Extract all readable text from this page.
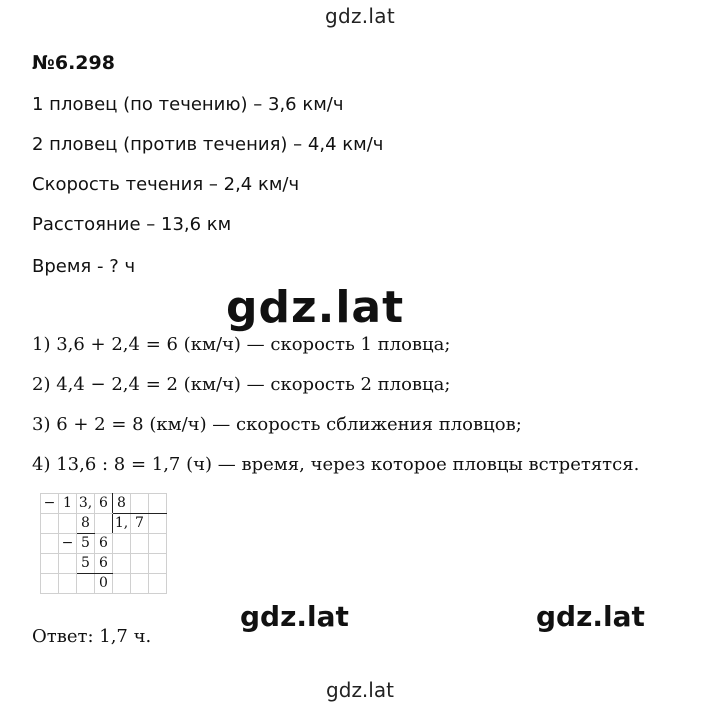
gdz.lat
№6.298
1 пловец (по течению) – 3,6 км/ч
2 пловец (против течения) – 4,4 км/ч
Скорость течения – 2,4 км/ч
Расстояние – 13,6 км
Время - ? ч
gdz.lat
1) 3,6 + 2,4 = 6 (км/ч) — скорость 1 пловца;
2) 4,4 − 2,4 = 2 (км/ч) — скорость 2 пловца;
3) 6 + 2 = 8 (км/ч) — скорость сближения пловцов;
4) 13,6 : 8 = 1,7 (ч) — время, через которое пловцы встретятся.
−	1	3,	6	8		
		8		1,	7	
	−	5	6			
		5	6			
			0			
gdz.lat	gdz.lat
Ответ: 1,7 ч.
gdz.lat
